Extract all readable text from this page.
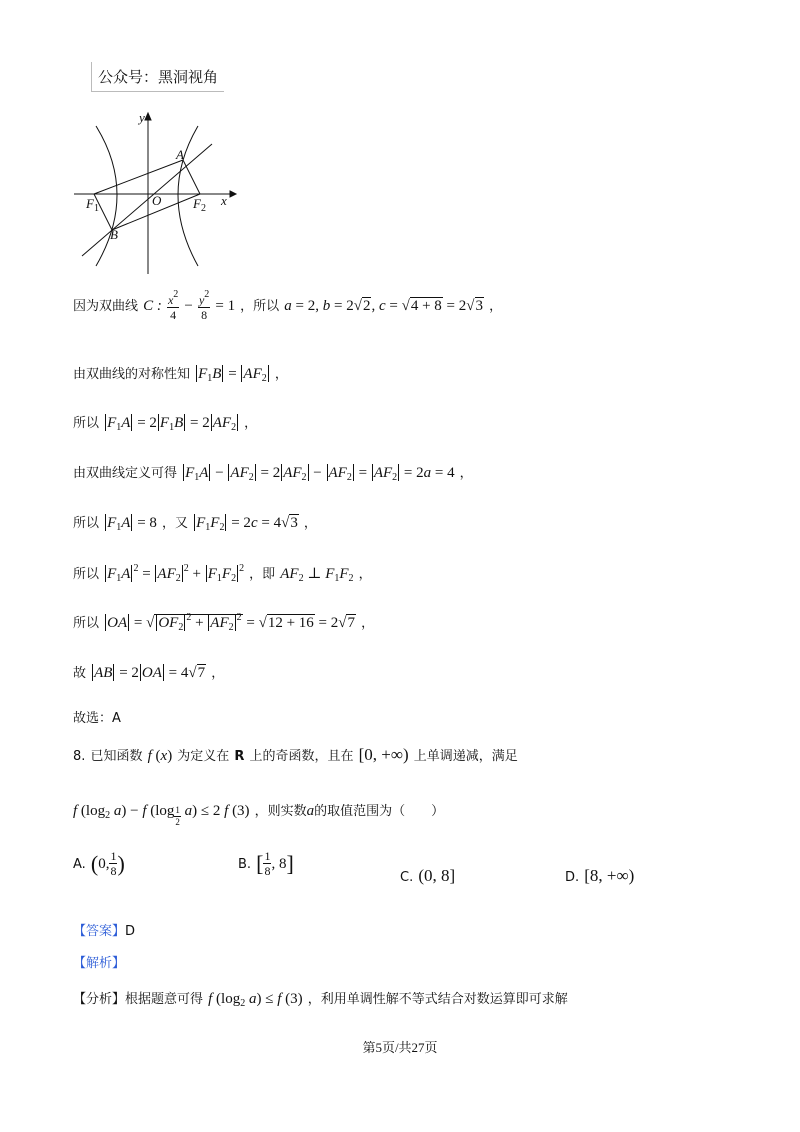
公众号：黑洞视角
y
x
A
B
O
$F_1$	$F_2$
因为双曲线 C : $\frac{x^2}{4} - \frac{y^2}{8} = 1$ ，所以 a = 2, b = 2√2, c = √4 + 8 = 2√3 ，
由双曲线的对称性知 $F_1B = AF_2$ ，
所以 $F_1A = 2$ $F_1B = 2$ $AF_2$ ，
由双曲线定义可得 $F_1A - AF_2 = 2$ $AF_2 - AF_2 = AF_2 = 2a = 4$ ，
所以 $F_1A = 8$ ，又 $F_1F_2 = 2c = 4√3$ ，
所以 $F_1A$ $^2 = AF_2^2 + F_1F_2^2$ ，即 $AF_2$ ⊥ $F_1F_2$ ，
所以 OA = √ $OF_2^2 + AF_2^2 = √12 + 16 = 2√7$ ，
故 AB = 2 OA = 4√7 ，
故选：A
8. 已知函数 f (x) 为定义在 R 上的奇函数，且在 [0, +∞) 上单调递减，满足
f ($\log_2$ a) − f $(\log \frac{1}{2} a) \le 2$ f (3) ，则实数a的取值范围为（　　）
A. (0, $\frac{1}{8}$ )	B. [ $\frac{1}{8}$ , 8]
C. (0, 8]	D. [8, +∞)
【答案】D
【解析】
【分析】根据题意可得 f ($\log_2$ a) ≤ f (3) ，利用单调性解不等式结合对数运算即可求解
第5页/共27页
